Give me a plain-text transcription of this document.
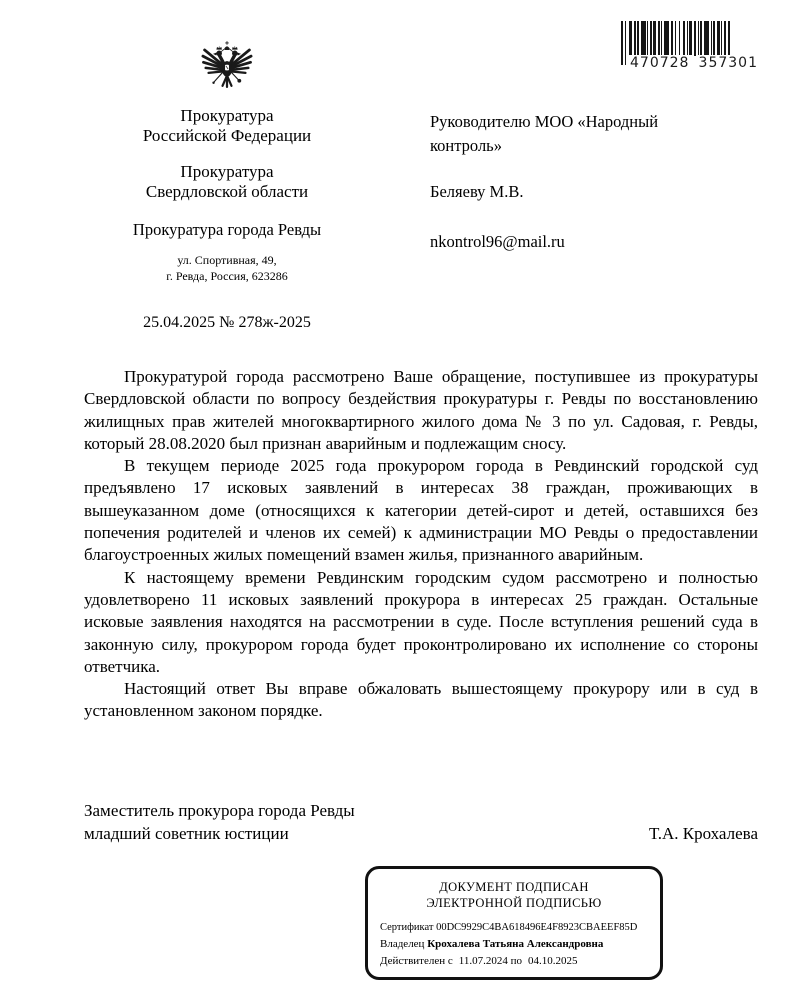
470728 357301
Прокуратура
Российской Федерации
Прокуратура
Свердловской области
Прокуратура города Ревды
ул. Спортивная, 49,
г. Ревда, Россия, 623286
25.04.2025 № 278ж-2025
Руководителю МОО «Народный контроль»
Беляеву М.В.
nkontrol96@mail.ru

Прокуратурой города рассмотрено Ваше обращение, поступившее из прокуратуры Свердловской области по вопросу бездействия прокуратуры г. Ревды по восстановлению жилищных прав жителей многоквартирного жилого дома № 3 по ул. Садовая, г. Ревды, который 28.08.2020 был признан аварийным и подлежащим сносу.

В текущем периоде 2025 года прокурором города в Ревдинский городской суд предъявлено 17 исковых заявлений в интересах 38 граждан, проживающих в вышеуказанном доме (относящихся к категории детей-сирот и детей, оставшихся без попечения родителей и членов их семей) к администрации МО Ревды о предоставлении благоустроенных жилых помещений взамен жилья, признанного аварийным.

К настоящему времени Ревдинским городским судом рассмотрено и полностью удовлетворено 11 исковых заявлений прокурора в интересах 25 граждан. Остальные исковые заявления находятся на рассмотрении в суде. После вступления решений суда в законную силу, прокурором города будет проконтролировано их исполнение со стороны ответчика.

Настоящий ответ Вы вправе обжаловать вышестоящему прокурору или в суд в установленном законом порядке.

Заместитель прокурора города Ревды
младший советник юстиции	Т.А. Крохалева
ДОКУМЕНТ ПОДПИСАН
ЭЛЕКТРОННОЙ ПОДПИСЬЮ
Сертификат 00DC9929C4BA618496E4F8923CBAEEF85D
Владелец Крохалева Татьяна Александровна
Действителен с 11.07.2024 по 04.10.2025
